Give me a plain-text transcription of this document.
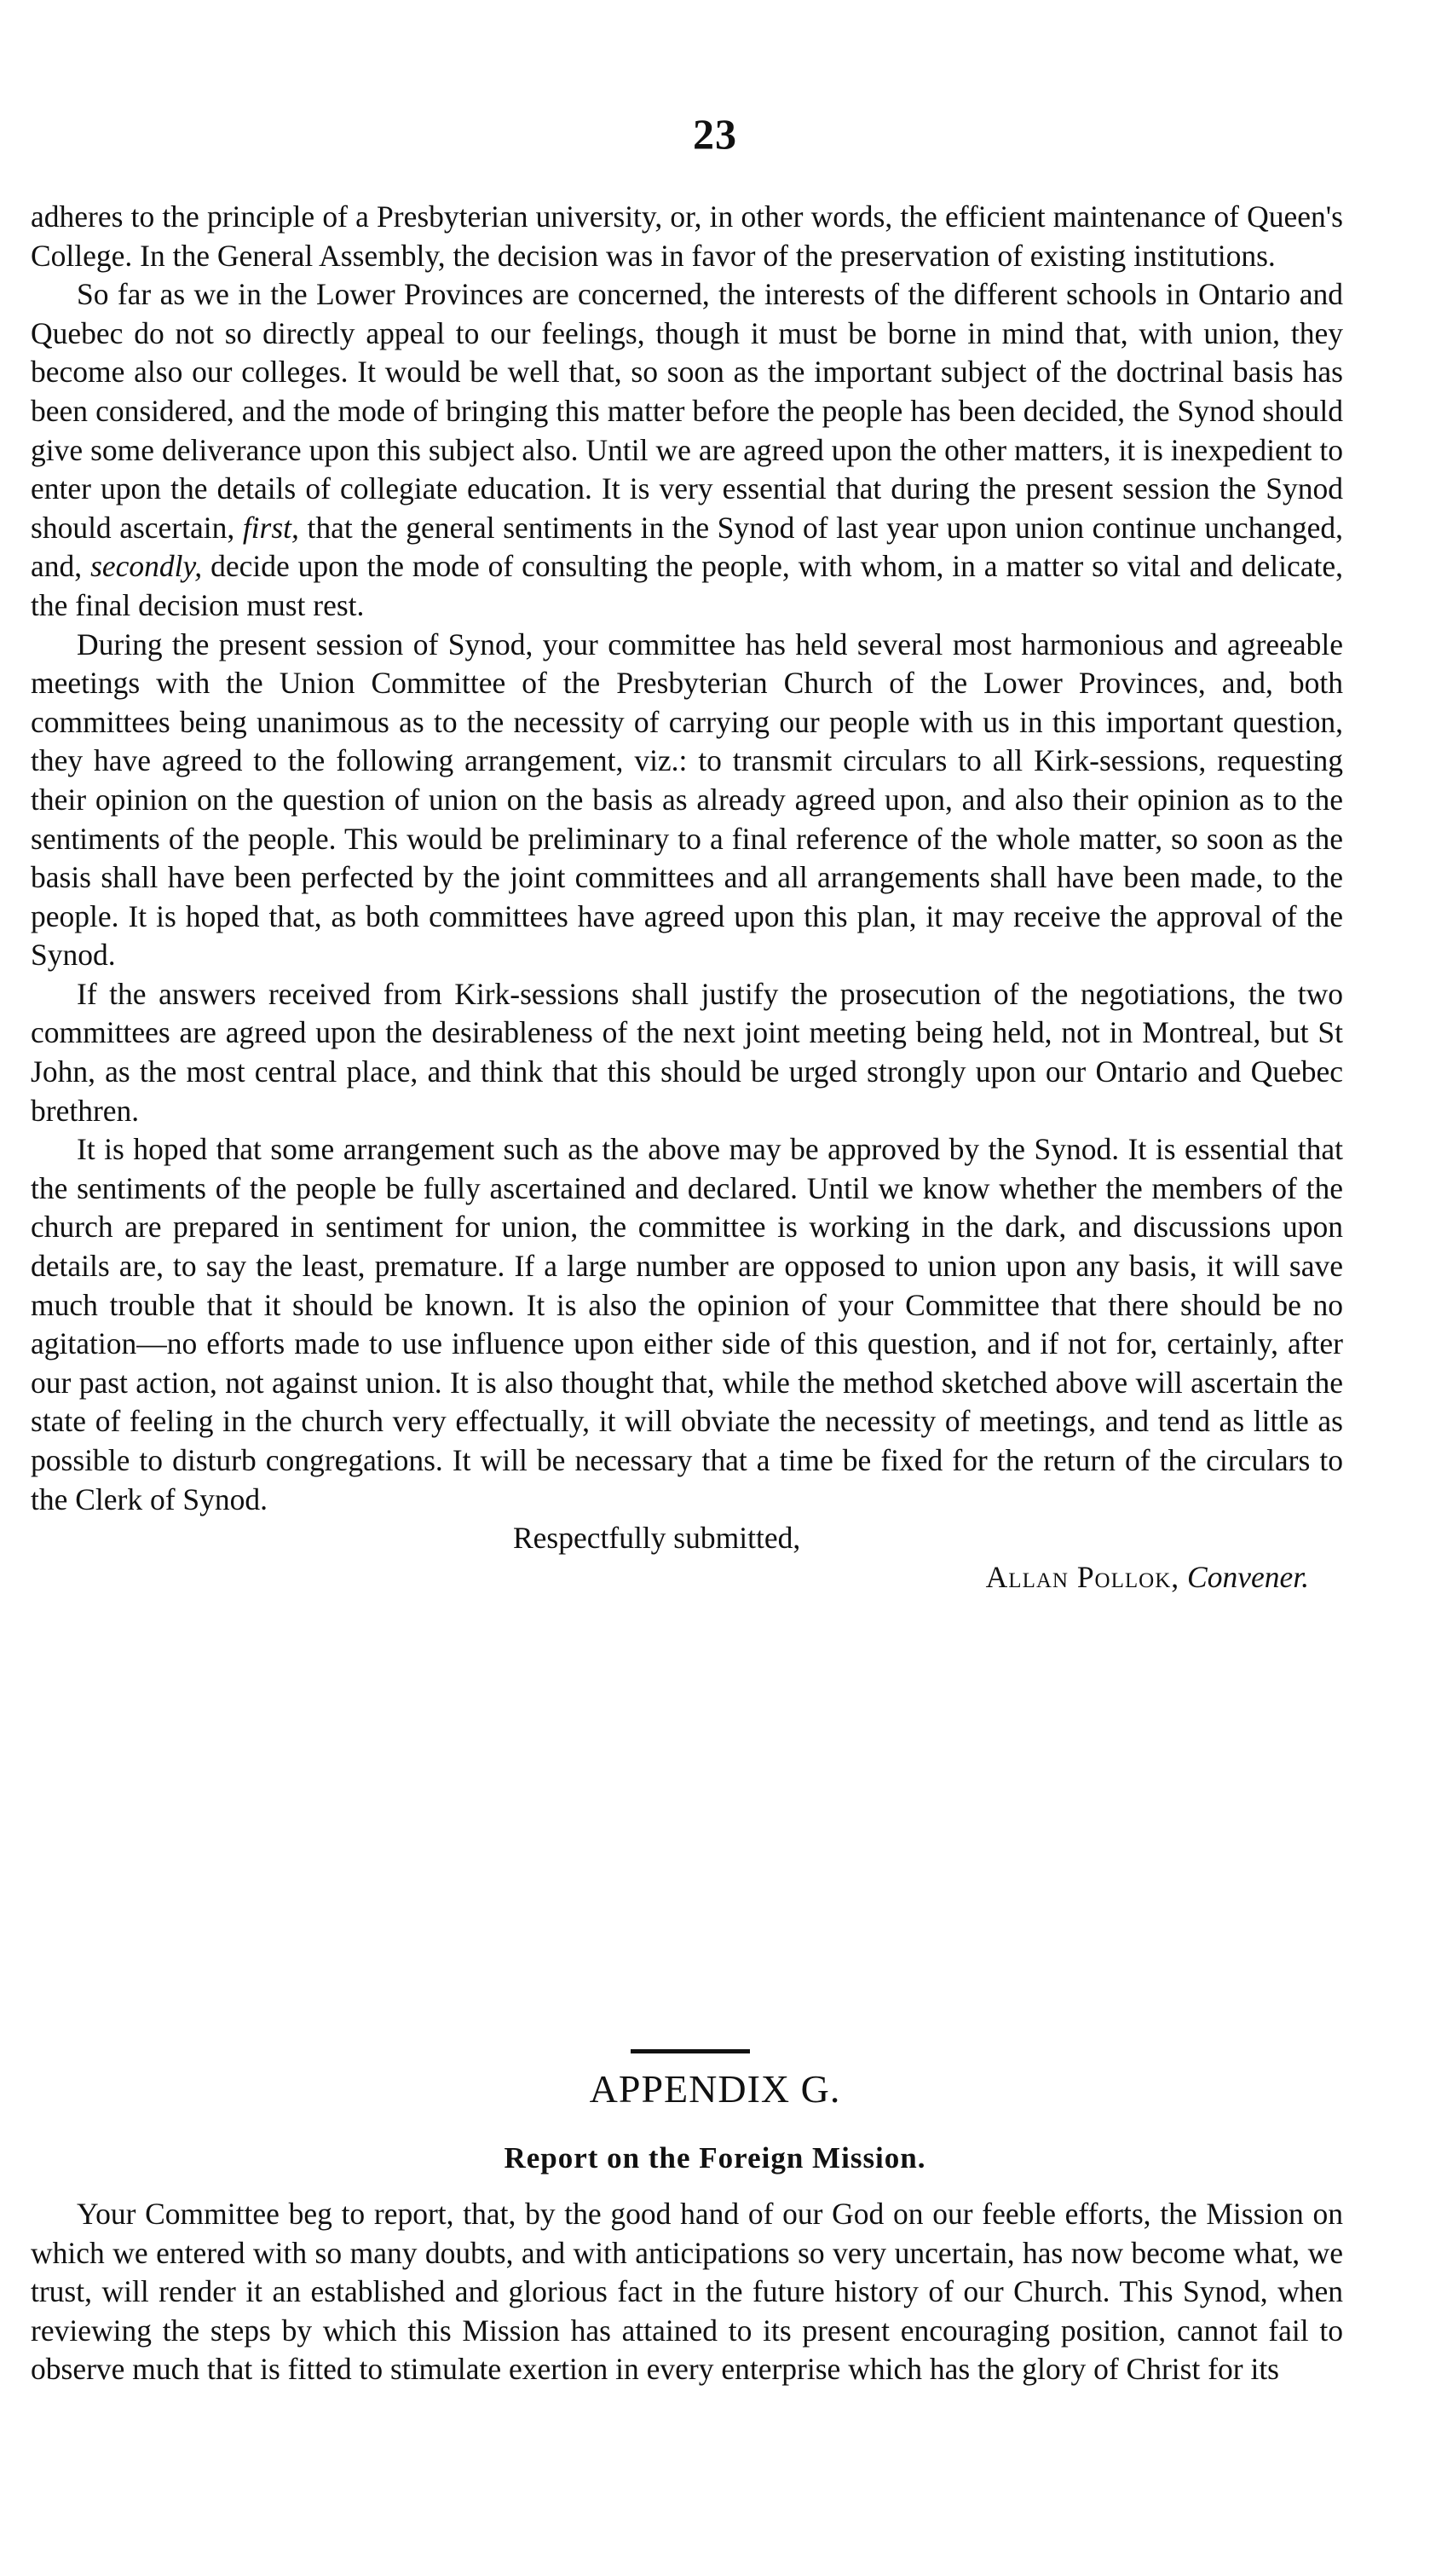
23

adheres to the principle of a Presbyterian university, or, in other words, the efficient maintenance of Queen's College. In the General Assembly, the decision was in favor of the preservation of existing institutions.

So far as we in the Lower Provinces are concerned, the interests of the different schools in Ontario and Quebec do not so directly appeal to our feelings, though it must be borne in mind that, with union, they become also our colleges. It would be well that, so soon as the important subject of the doctrinal basis has been considered, and the mode of bringing this matter before the people has been decided, the Synod should give some deliverance upon this subject also. Until we are agreed upon the other matters, it is inexpedient to enter upon the details of collegiate education. It is very essential that during the present session the Synod should ascertain, first, that the general sentiments in the Synod of last year upon union continue unchanged, and, secondly, decide upon the mode of consulting the people, with whom, in a matter so vital and delicate, the final decision must rest.

During the present session of Synod, your committee has held several most harmonious and agreeable meetings with the Union Committee of the Presbyterian Church of the Lower Provinces, and, both committees being unanimous as to the necessity of carrying our people with us in this important question, they have agreed to the following arrangement, viz.: to transmit circulars to all Kirk-sessions, requesting their opinion on the question of union on the basis as already agreed upon, and also their opinion as to the sentiments of the people. This would be preliminary to a final reference of the whole matter, so soon as the basis shall have been perfected by the joint committees and all arrangements shall have been made, to the people. It is hoped that, as both committees have agreed upon this plan, it may receive the approval of the Synod.

If the answers received from Kirk-sessions shall justify the prosecution of the negotiations, the two committees are agreed upon the desirableness of the next joint meeting being held, not in Montreal, but St John, as the most central place, and think that this should be urged strongly upon our Ontario and Quebec brethren.

It is hoped that some arrangement such as the above may be approved by the Synod. It is essential that the sentiments of the people be fully ascertained and declared. Until we know whether the members of the church are prepared in sentiment for union, the committee is working in the dark, and discussions upon details are, to say the least, premature. If a large number are opposed to union upon any basis, it will save much trouble that it should be known. It is also the opinion of your Committee that there should be no agitation—no efforts made to use influence upon either side of this question, and if not for, certainly, after our past action, not against union. It is also thought that, while the method sketched above will ascertain the state of feeling in the church very effectually, it will obviate the necessity of meetings, and tend as little as possible to disturb congregations. It will be necessary that a time be fixed for the return of the circulars to the Clerk of Synod.

Respectfully submitted,

Allan Pollok, Convener.

APPENDIX G.
Report on the Foreign Mission.

Your Committee beg to report, that, by the good hand of our God on our feeble efforts, the Mission on which we entered with so many doubts, and with anticipations so very uncertain, has now become what, we trust, will render it an established and glorious fact in the future history of our Church. This Synod, when reviewing the steps by which this Mission has attained to its present encouraging position, cannot fail to observe much that is fitted to stimulate exertion in every enterprise which has the glory of Christ for its
